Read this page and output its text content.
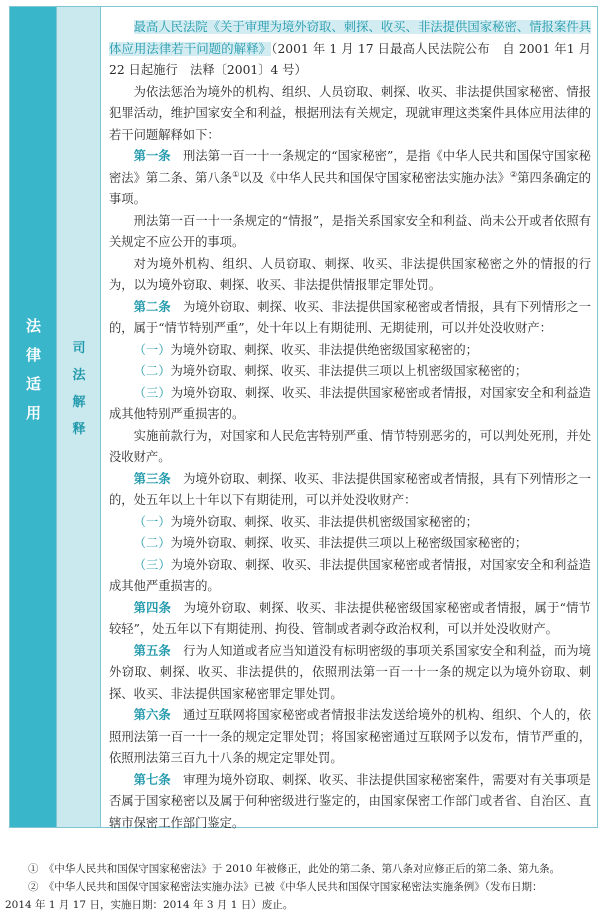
法
律
适
用
司
法
解
释

最高人民法院《关于审理为境外窃取、刺探、收买、非法提供国家秘密、情报案件具体应用法律若干问题的解释》（2001 年 1 月 17 日最高人民法院公布　自 2001 年1 月 22 日起施行　法释〔2001〕4 号）

为依法惩治为境外的机构、组织、人员窃取、刺探、收买、非法提供国家秘密、情报犯罪活动，维护国家安全和利益，根据刑法有关规定，现就审理这类案件具体应用法律的若干问题解释如下：

第一条　 刑法第一百一十一条规定的“国家秘密”，是指《中华人民共和国保守国家秘密法》第二条、第八条①以及《中华人民共和国保守国家秘密法实施办法》②第四条确定的事项。

刑法第一百一十一条规定的“情报”，是指关系国家安全和利益、尚未公开或者依照有关规定不应公开的事项。

对为境外机构、组织、人员窃取、刺探、收买、非法提供国家秘密之外的情报的行为，以为境外窃取、刺探、收买、非法提供情报罪定罪处罚。

第二条　 为境外窃取、刺探、收买、非法提供国家秘密或者情报，具有下列情形之一的，属于“情节特别严重”，处十年以上有期徒刑、无期徒刑，可以并处没收财产：

（一）为境外窃取、刺探、收买、非法提供绝密级国家秘密的；

（二）为境外窃取、刺探、收买、非法提供三项以上机密级国家秘密的；

（三）为境外窃取、刺探、收买、非法提供国家秘密或者情报，对国家安全和利益造成其他特别严重损害的。

实施前款行为，对国家和人民危害特别严重、情节特别恶劣的，可以判处死刑，并处没收财产。

第三条　 为境外窃取、刺探、收买、非法提供国家秘密或者情报，具有下列情形之一的，处五年以上十年以下有期徒刑，可以并处没收财产：

（一）为境外窃取、刺探、收买、非法提供机密级国家秘密的；

（二）为境外窃取、刺探、收买、非法提供三项以上秘密级国家秘密的；

（三）为境外窃取、刺探、收买、非法提供国家秘密或者情报，对国家安全和利益造成其他严重损害的。

第四条　 为境外窃取、刺探、收买、非法提供秘密级国家秘密或者情报，属于“情节较轻”，处五年以下有期徒刑、拘役、管制或者剥夺政治权利，可以并处没收财产。

第五条　 行为人知道或者应当知道没有标明密级的事项关系国家安全和利益，而为境外窃取、刺探、收买、非法提供的，依照刑法第一百一十一条的规定以为境外窃取、刺探、收买、非法提供国家秘密罪定罪处罚。

第六条　 通过互联网将国家秘密或者情报非法发送给境外的机构、组织、个人的，依照刑法第一百一十一条的规定定罪处罚；将国家秘密通过互联网予以发布，情节严重的，依照刑法第三百九十八条的规定定罪处罚。

第七条　 审理为境外窃取、刺探、收买、非法提供国家秘密案件，需要对有关事项是否属于国家秘密以及属于何种密级进行鉴定的，由国家保密工作部门或者省、自治区、直辖市保密工作部门鉴定。

①　 《中华人民共和国保守国家秘密法》于 2010 年被修正，此处的第二条、第八条对应修正后的第二条、第九条。

②　 《中华人民共和国保守国家秘密法实施办法》已被《中华人民共和国保守国家秘密法实施条例》（发布日期：

2014 年 1 月 17 日，实施日期：2014 年 3 月 1 日）废止。
